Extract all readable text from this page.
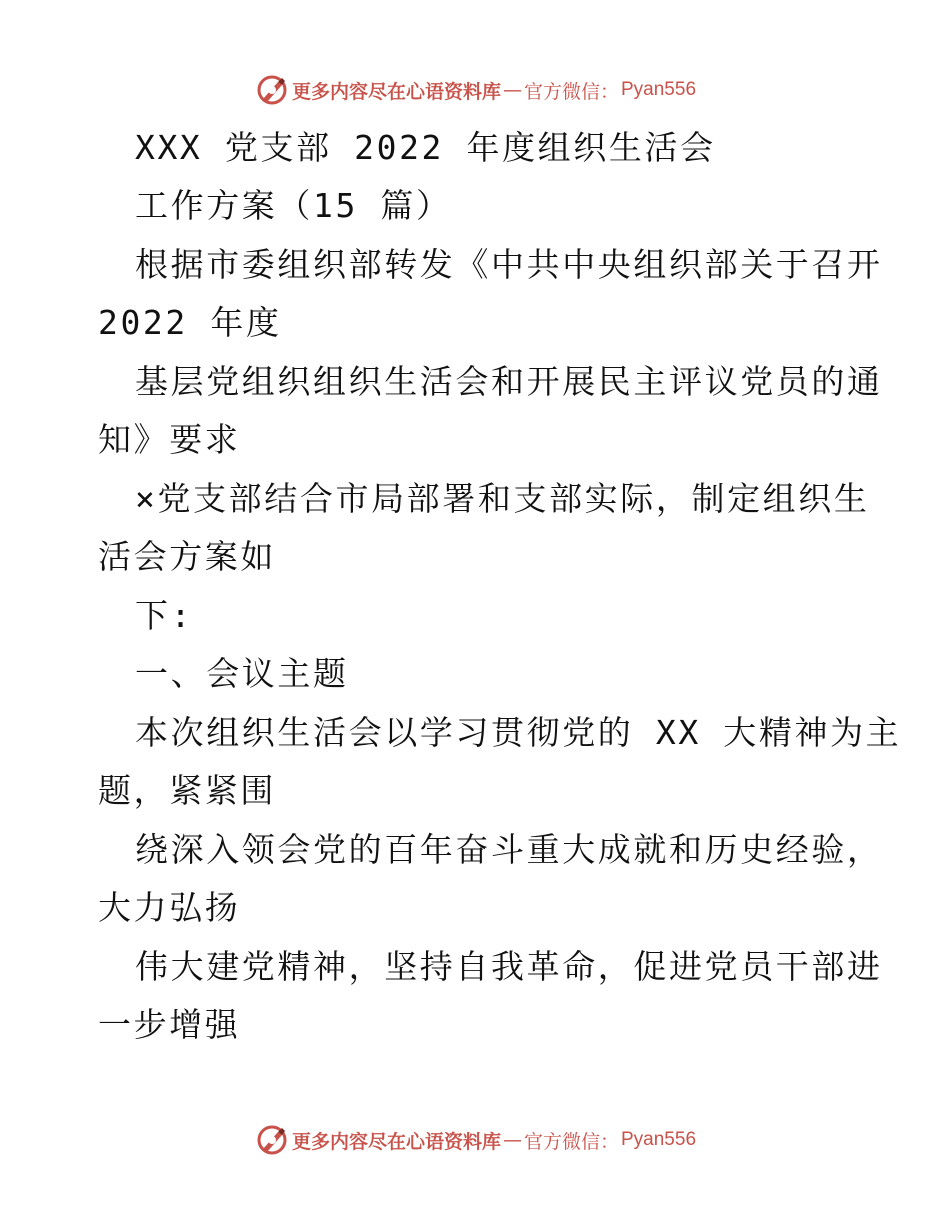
更多内容尽在心语资料库 — 官方微信： Pyan556
XXX 党支部 2022 年度组织生活会
工作方案（15 篇）
根据市委组织部转发《中共中央组织部关于召开
2022 年度
基层党组织组织生活会和开展民主评议党员的通
知》要求
×党支部结合市局部署和支部实际，制定组织生
活会方案如
下:
一、会议主题
本次组织生活会以学习贯彻党的 XX 大精神为主
题，紧紧围
绕深入领会党的百年奋斗重大成就和历史经验，
大力弘扬
伟大建党精神，坚持自我革命，促进党员干部进
一步增强
更多内容尽在心语资料库 — 官方微信： Pyan556
